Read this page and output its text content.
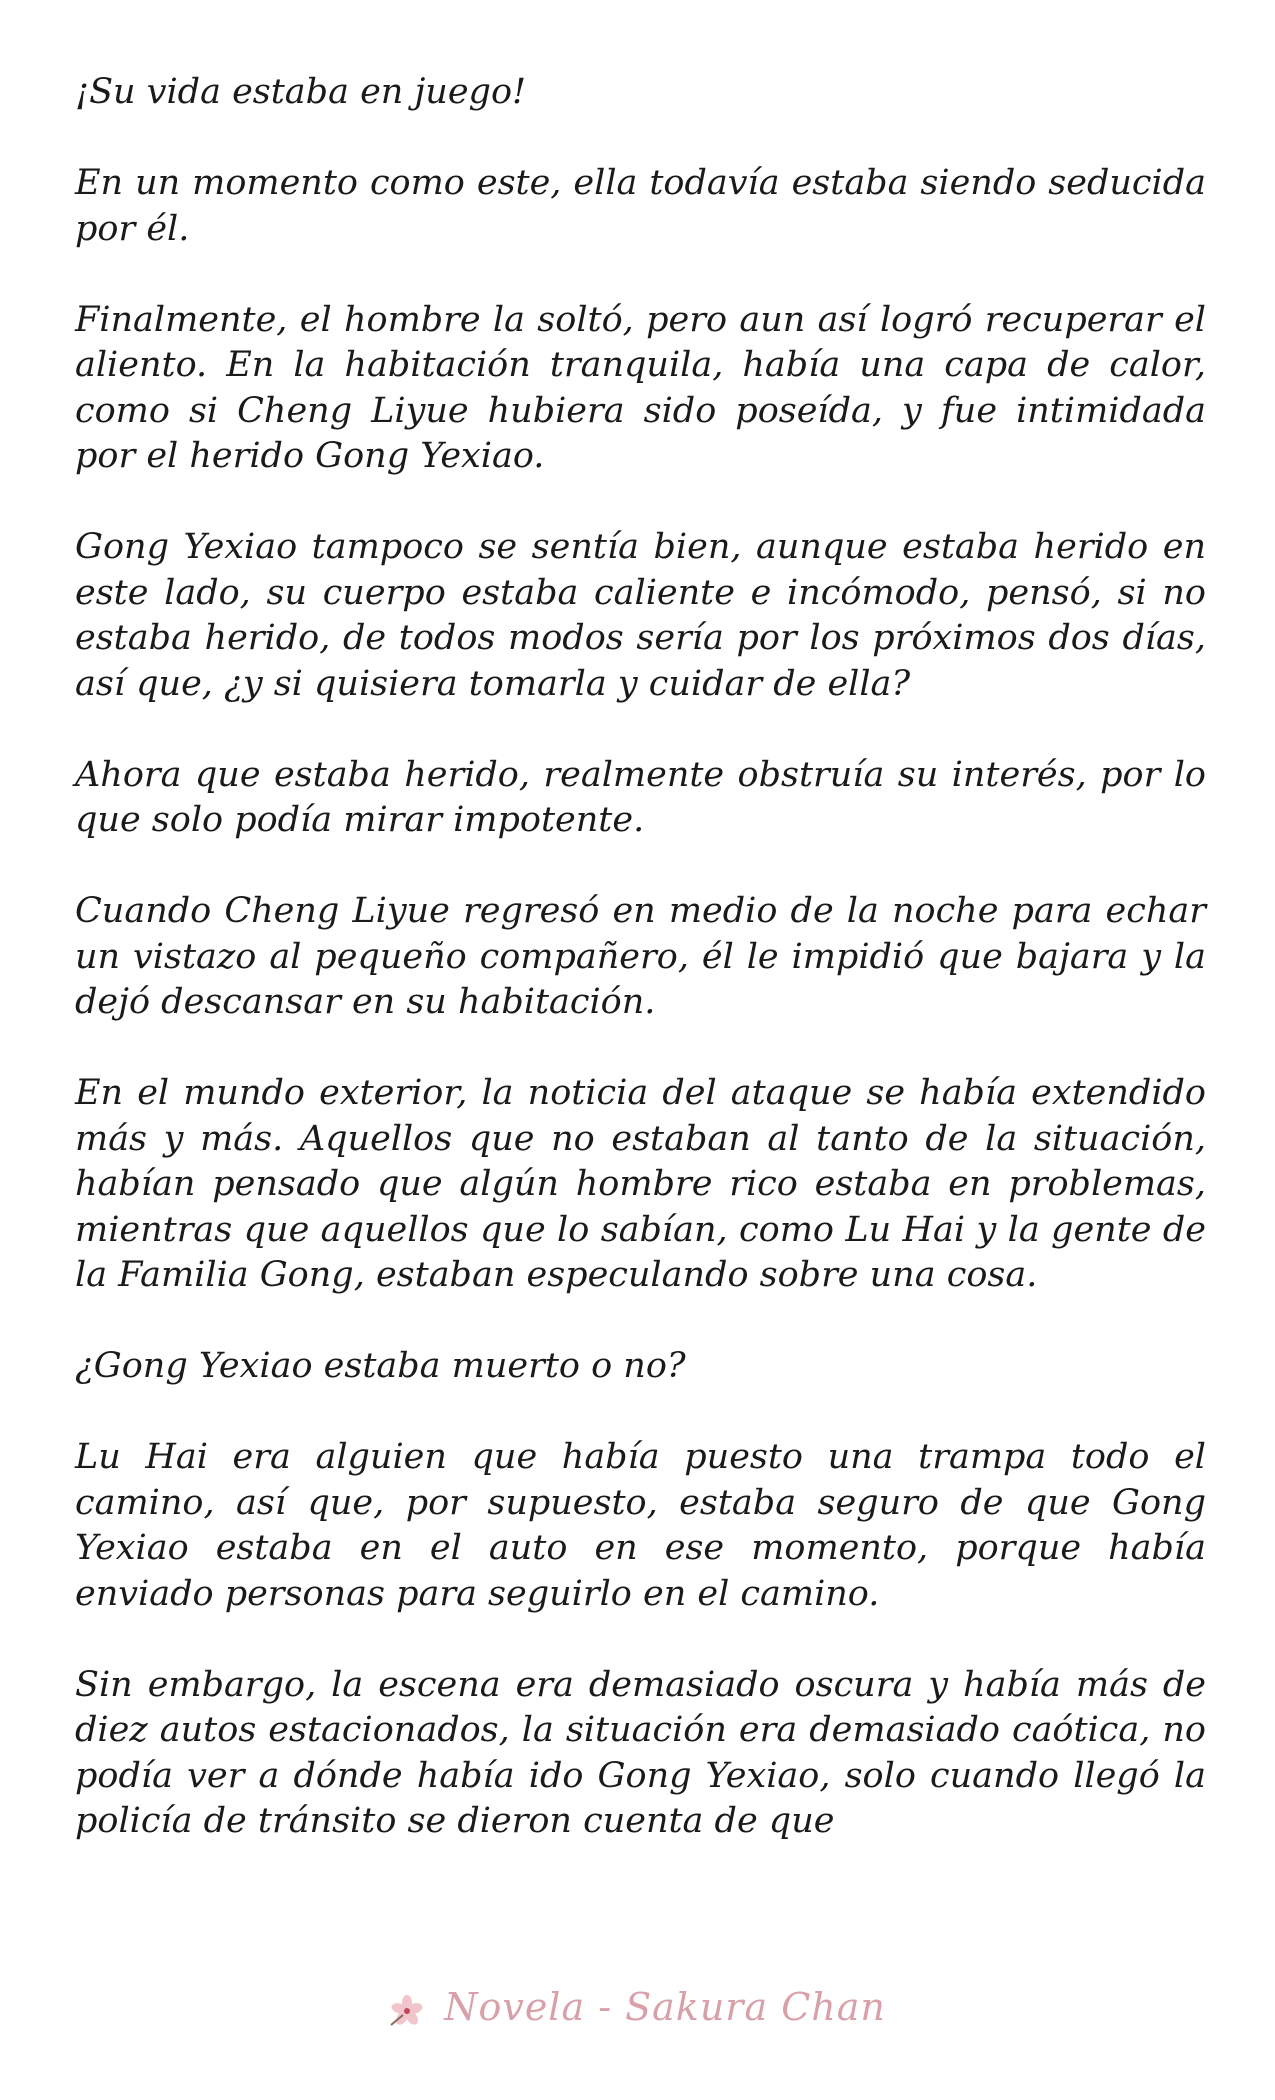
¡Su vida estaba en juego!

En un momento como este, ella todavía estaba siendo seducida por él.

Finalmente, el hombre la soltó, pero aun así logró recuperar el aliento. En la habitación tranquila, había una capa de calor, como si Cheng Liyue hubiera sido poseída, y fue intimidada por el herido Gong Yexiao.

Gong Yexiao tampoco se sentía bien, aunque estaba herido en este lado, su cuerpo estaba caliente e incómodo, pensó, si no estaba herido, de todos modos sería por los próximos dos días, así que, ¿y si quisiera tomarla y cuidar de ella?

Ahora que estaba herido, realmente obstruía su interés, por lo que solo podía mirar impotente.

Cuando Cheng Liyue regresó en medio de la noche para echar un vistazo al pequeño compañero, él le impidió que bajara y la dejó descansar en su habitación.

En el mundo exterior, la noticia del ataque se había extendido más y más. Aquellos que no estaban al tanto de la situación, habían pensado que algún hombre rico estaba en problemas, mientras que aquellos que lo sabían, como Lu Hai y la gente de la Familia Gong, estaban especulando sobre una cosa.

¿Gong Yexiao estaba muerto o no?

Lu Hai era alguien que había puesto una trampa todo el camino, así que, por supuesto, estaba seguro de que Gong Yexiao estaba en el auto en ese momento, porque había enviado personas para seguirlo en el camino.

Sin embargo, la escena era demasiado oscura y había más de diez autos estacionados, la situación era demasiado caótica, no podía ver a dónde había ido Gong Yexiao, solo cuando llegó la policía de tránsito se dieron cuenta de que

Novela - Sakura Chan
